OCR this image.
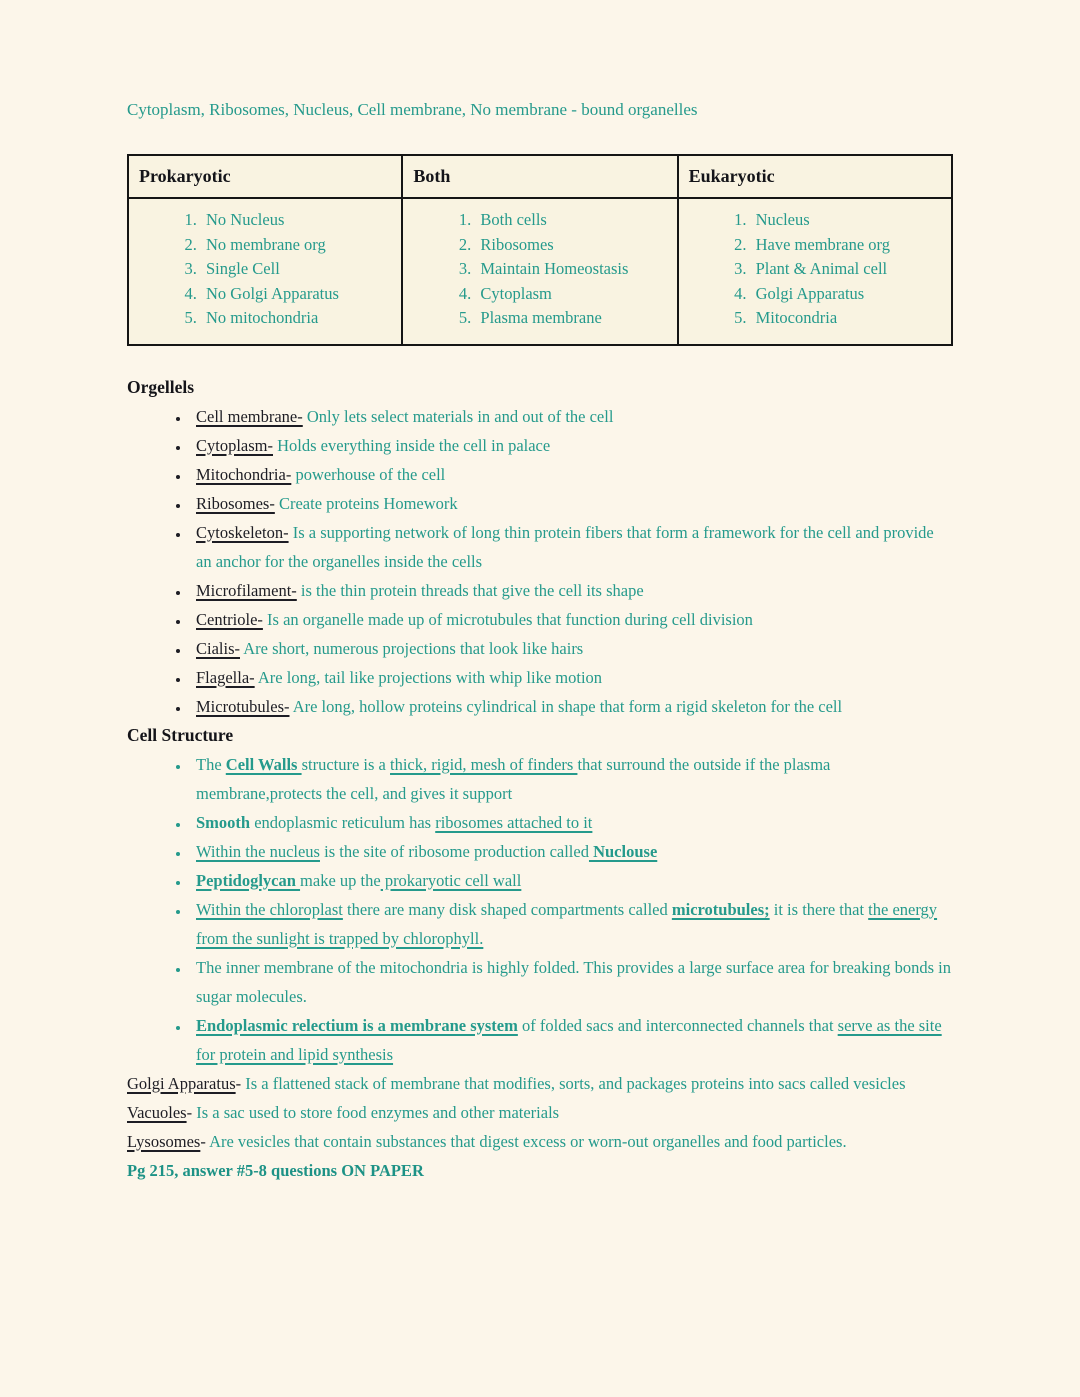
Cytoplasm, Ribosomes, Nucleus, Cell membrane, No membrane - bound organelles

Prokaryotic	Both	Eukaryotic

1. No Nucleus
2. No membrane org
3. Single Cell
4. No Golgi Apparatus
5. No mitochondria

1. Both cells
2. Ribosomes
3. Maintain Homeostasis
4. Cytoplasm
5. Plasma membrane

1. Nucleus
2. Have membrane org
3. Plant & Animal cell
4. Golgi Apparatus
5. Mitocondria
Orgellels
• Cell membrane- Only lets select materials in and out of the cell
• Cytoplasm- Holds everything inside the cell in palace
• Mitochondria- powerhouse of the cell
• Ribosomes- Create proteins Homework
• Cytoskeleton- Is a supporting network of long thin protein fibers that form a framework for the cell and provide an anchor for the organelles inside the cells
• Microfilament- is the thin protein threads that give the cell its shape
• Centriole- Is an organelle made up of microtubules that function during cell division
• Cialis- Are short, numerous projections that look like hairs
• Flagella- Are long, tail like projections with whip like motion
• Microtubules- Are long, hollow proteins cylindrical in shape that form a rigid skeleton for the cell
Cell Structure
• The Cell Walls structure is a thick, rigid, mesh of finders that surround the outside if the plasma membrane,protects the cell, and gives it support
• Smooth endoplasmic reticulum has ribosomes attached to it
• Within the nucleus is the site of ribosome production called Nuclouse
• Peptidoglycan make up the prokaryotic cell wall
• Within the chloroplast there are many disk shaped compartments called microtubules; it is there that the energy from the sunlight is trapped by chlorophyll.
• The inner membrane of the mitochondria is highly folded. This provides a large surface area for breaking bonds in sugar molecules.
• Endoplasmic relectium is a membrane system of folded sacs and interconnected channels that serve as the site for protein and lipid synthesis

Golgi Apparatus- Is a flattened stack of membrane that modifies, sorts, and packages proteins into sacs called vesicles

Vacuoles- Is a sac used to store food enzymes and other materials

Lysosomes- Are vesicles that contain substances that digest excess or worn-out organelles and food particles.

Pg 215, answer #5-8 questions ON PAPER
